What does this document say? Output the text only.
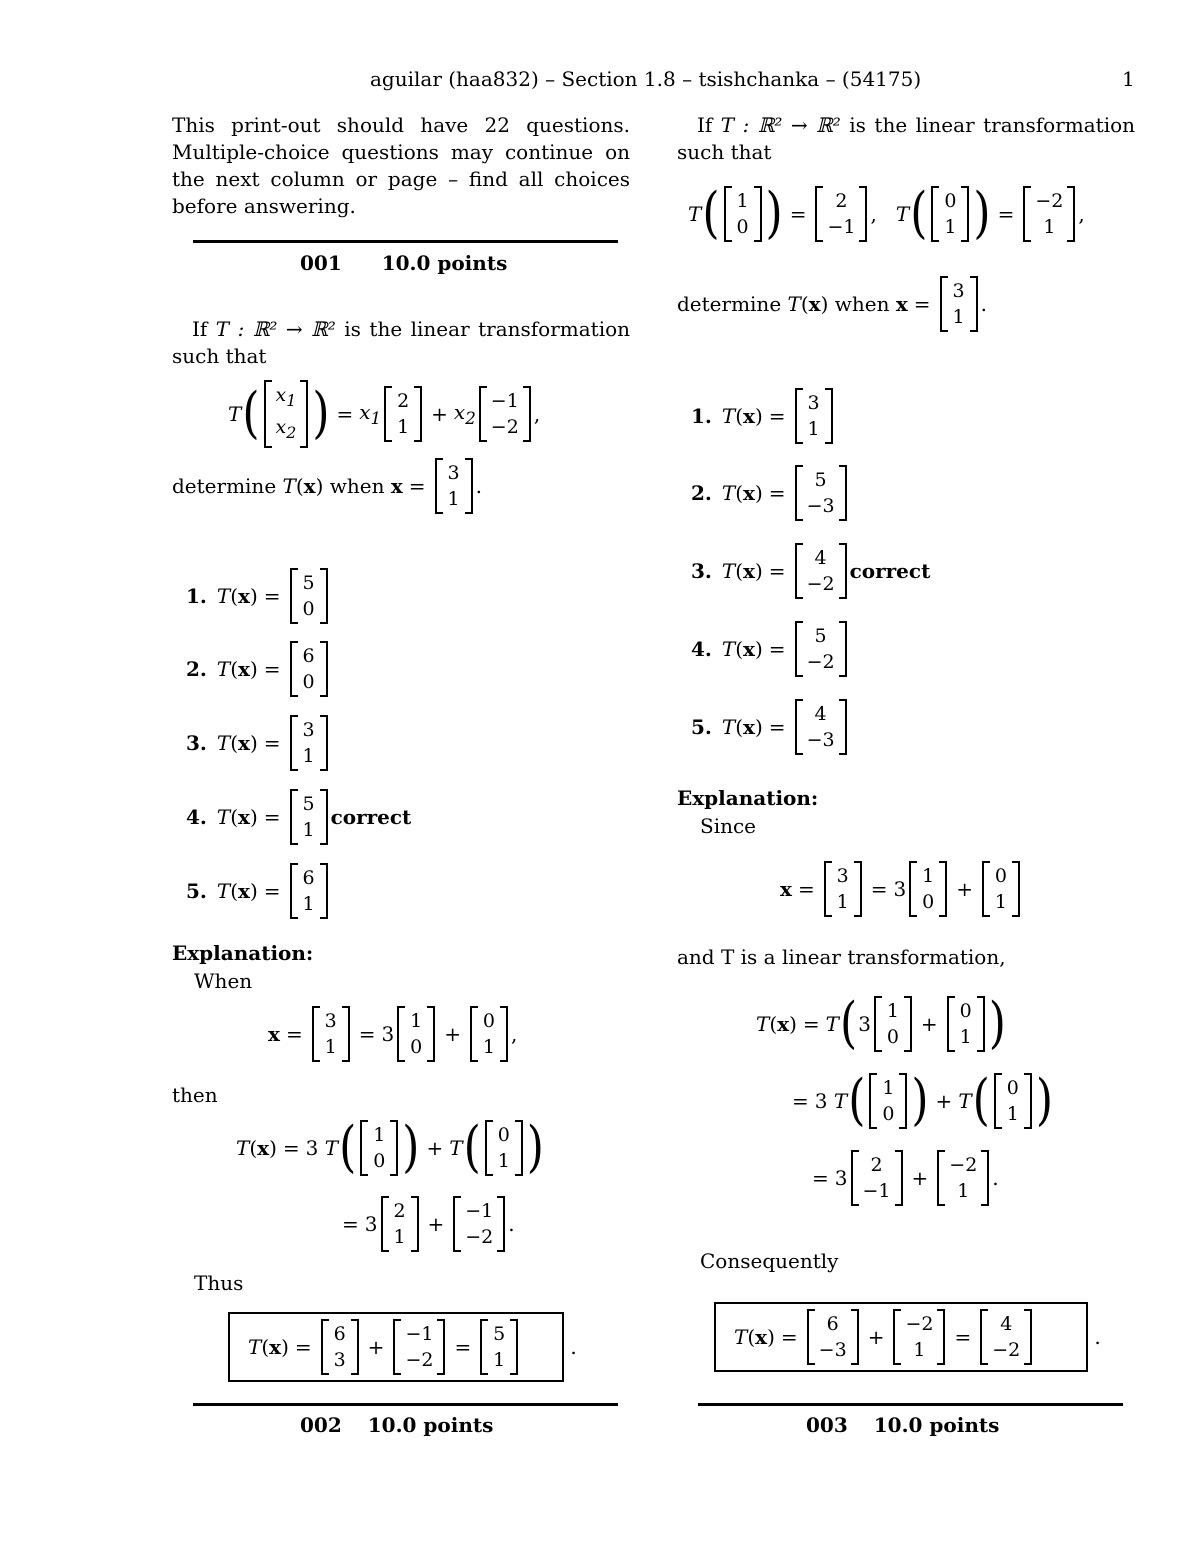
aguilar (haa832) – Section 1.8 – tsishchanka – (54175)	1
This print-out should have 22 questions. Multiple-choice questions may continue on the next column or page – find all choices before answering.
001 10.0 points
If T : ℝ² → ℝ² is the linear transformation such that
T ( $x_1$
$x_2$ ) = $x_1$
2
1
+ $x_2$
−1
−2
,
determine
T ( x ) when
x =
3
1
.
1. T ( x ) =
5
0
2. T ( x ) =
6
0
3. T ( x ) =
3
1
4. T ( x ) =
5
1
correct
5. T ( x ) =
6
1
Explanation:
When
x =
3
1
= 3
1
0
+
0
1
,
then
T ( x ) = 3
T ( 1
0 ) + T ( 0
1 )
= 3
2
1
+
−1
−2
.
Thus
T ( x ) =
6
3
+
−1
−2
=
5
1
.
002 10.0 points
If T : ℝ² → ℝ² is the linear transformation such that
T ( 1
0 ) =
2
−1
,
T ( 0
1 ) =
−2
1
,
determine
T ( x ) when
x =
3
1
.
1. T ( x ) =
3
1
2. T ( x ) =
5
−3
3. T ( x ) =
4
−2
correct
4. T ( x ) =
5
−2
5. T ( x ) =
4
−3
Explanation:
Since
x =
3
1
= 3
1
0
+
0
1
and T is a linear transformation,
T ( x ) = T ( 3
1
0
+
0
1 )
= 3
T ( 1
0 ) + T ( 0
1 )
= 3
2
−1
+
−2
1
.
Consequently
T ( x ) =
6
−3
+
−2
1
=
4
−2
.
003 10.0 points
